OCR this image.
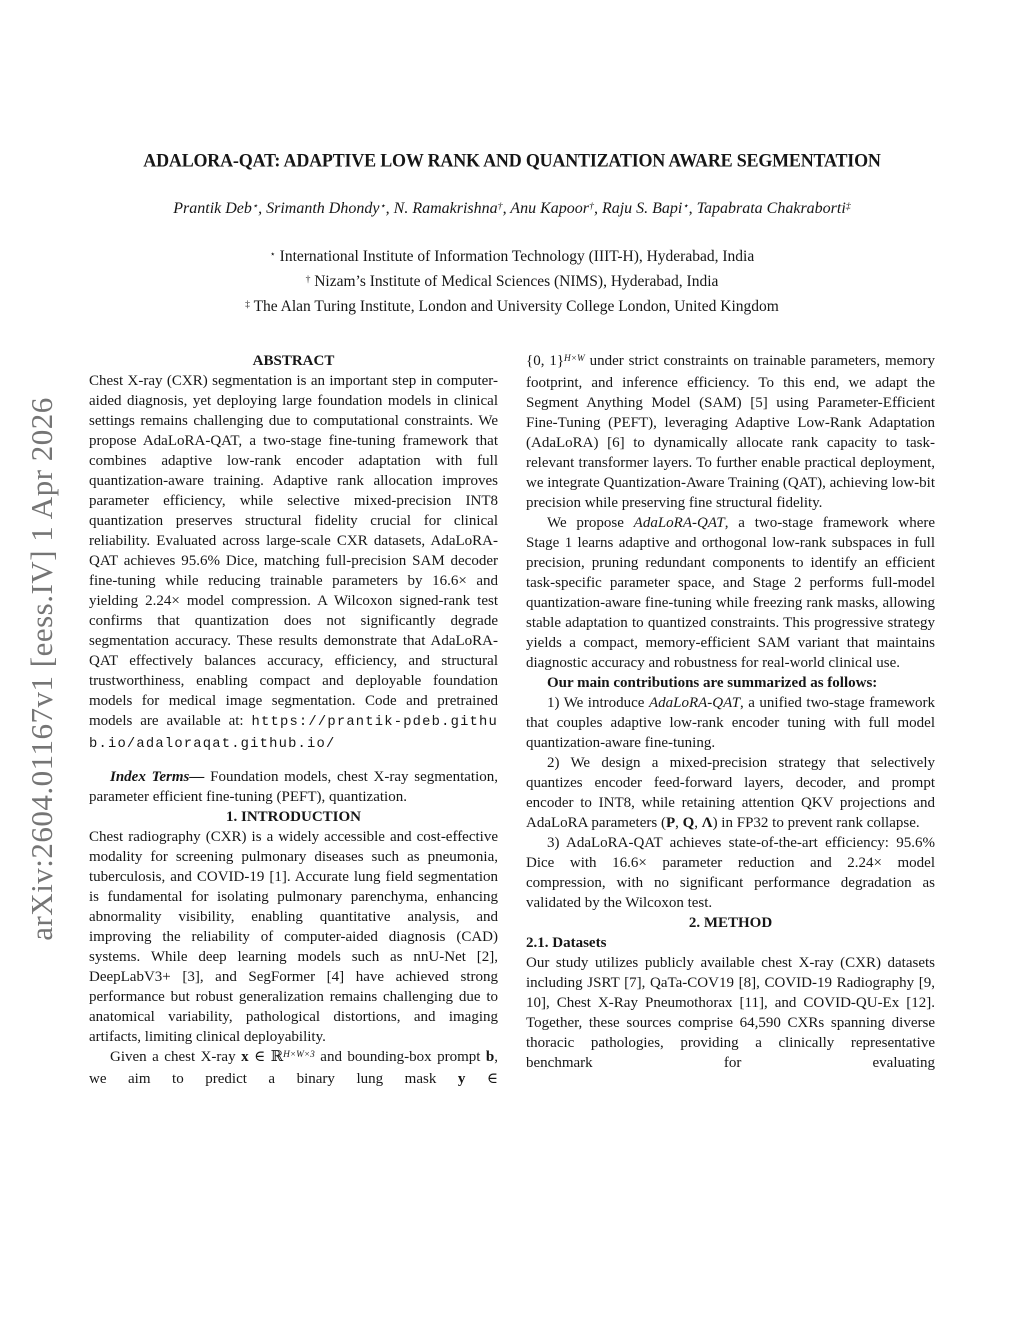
arXiv:2604.01167v1 [eess.IV] 1 Apr 2026
ADALORA-QAT: ADAPTIVE LOW RANK AND QUANTIZATION AWARE SEGMENTATION
Prantik Deb⋆, Srimanth Dhondy⋆, N. Ramakrishna†, Anu Kapoor†, Raju S. Bapi⋆, Tapabrata Chakraborti‡
⋆ International Institute of Information Technology (IIIT-H), Hyderabad, India
† Nizam’s Institute of Medical Sciences (NIMS), Hyderabad, India
‡ The Alan Turing Institute, London and University College London, United Kingdom
ABSTRACT

Chest X-ray (CXR) segmentation is an important step in computer-aided diagnosis, yet deploying large foundation models in clinical settings remains challenging due to computational constraints. We propose AdaLoRA-QAT, a two-stage fine-tuning framework that combines adaptive low-rank encoder adaptation with full quantization-aware training. Adaptive rank allocation improves parameter efficiency, while selective mixed-precision INT8 quantization preserves structural fidelity crucial for clinical reliability. Evaluated across large-scale CXR datasets, AdaLoRA-QAT achieves 95.6% Dice, matching full-precision SAM decoder fine-tuning while reducing trainable parameters by 16.6× and yielding 2.24× model compression. A Wilcoxon signed-rank test confirms that quantization does not significantly degrade segmentation accuracy. These results demonstrate that AdaLoRA-QAT effectively balances accuracy, efficiency, and structural trustworthiness, enabling compact and deployable foundation models for medical image segmentation. Code and pretrained models are available at: https://prantik-pdeb.github.io/adaloraqat.github.io/

Index Terms— Foundation models, chest X-ray segmentation, parameter efficient fine-tuning (PEFT), quantization.

1. INTRODUCTION

Chest radiography (CXR) is a widely accessible and cost-effective modality for screening pulmonary diseases such as pneumonia, tuberculosis, and COVID-19 [1]. Accurate lung field segmentation is fundamental for isolating pulmonary parenchyma, enhancing abnormality visibility, enabling quantitative analysis, and improving the reliability of computer-aided diagnosis (CAD) systems. While deep learning models such as nnU-Net [2], DeepLabV3+ [3], and SegFormer [4] have achieved strong performance but robust generalization remains challenging due to anatomical variability, pathological distortions, and imaging artifacts, limiting clinical deployability.

Given a chest X-ray x ∈ ℝ$^{H\times W\times 3}$ and bounding-box prompt b, we aim to predict a binary lung mask y ∈

{0, 1}$^{H\times W}$ under strict constraints on trainable parameters, memory footprint, and inference efficiency. To this end, we adapt the Segment Anything Model (SAM) [5] using Parameter-Efficient Fine-Tuning (PEFT), leveraging Adaptive Low-Rank Adaptation (AdaLoRA) [6] to dynamically allocate rank capacity to task-relevant transformer layers. To further enable practical deployment, we integrate Quantization-Aware Training (QAT), achieving low-bit precision while preserving fine structural fidelity.

We propose AdaLoRA-QAT, a two-stage framework where Stage 1 learns adaptive and orthogonal low-rank subspaces in full precision, pruning redundant components to identify an efficient task-specific parameter space, and Stage 2 performs full-model quantization-aware fine-tuning while freezing rank masks, allowing stable adaptation to quantized constraints. This progressive strategy yields a compact, memory-efficient SAM variant that maintains diagnostic accuracy and robustness for real-world clinical use.

Our main contributions are summarized as follows:

1) We introduce AdaLoRA-QAT, a unified two-stage framework that couples adaptive low-rank encoder tuning with full model quantization-aware fine-tuning.

2) We design a mixed-precision strategy that selectively quantizes encoder feed-forward layers, decoder, and prompt encoder to INT8, while retaining attention QKV projections and AdaLoRA parameters (P, Q, Λ) in FP32 to prevent rank collapse.

3) AdaLoRA-QAT achieves state-of-the-art efficiency: 95.6% Dice with 16.6× parameter reduction and 2.24× model compression, with no significant performance degradation as validated by the Wilcoxon test.

2. METHOD
2.1. Datasets

Our study utilizes publicly available chest X-ray (CXR) datasets including JSRT [7], QaTa-COV19 [8], COVID-19 Radiography [9, 10], Chest X-Ray Pneumothorax [11], and COVID-QU-Ex [12]. Together, these sources comprise 64,590 CXRs spanning diverse thoracic pathologies, providing a clinically representative benchmark for evaluating
